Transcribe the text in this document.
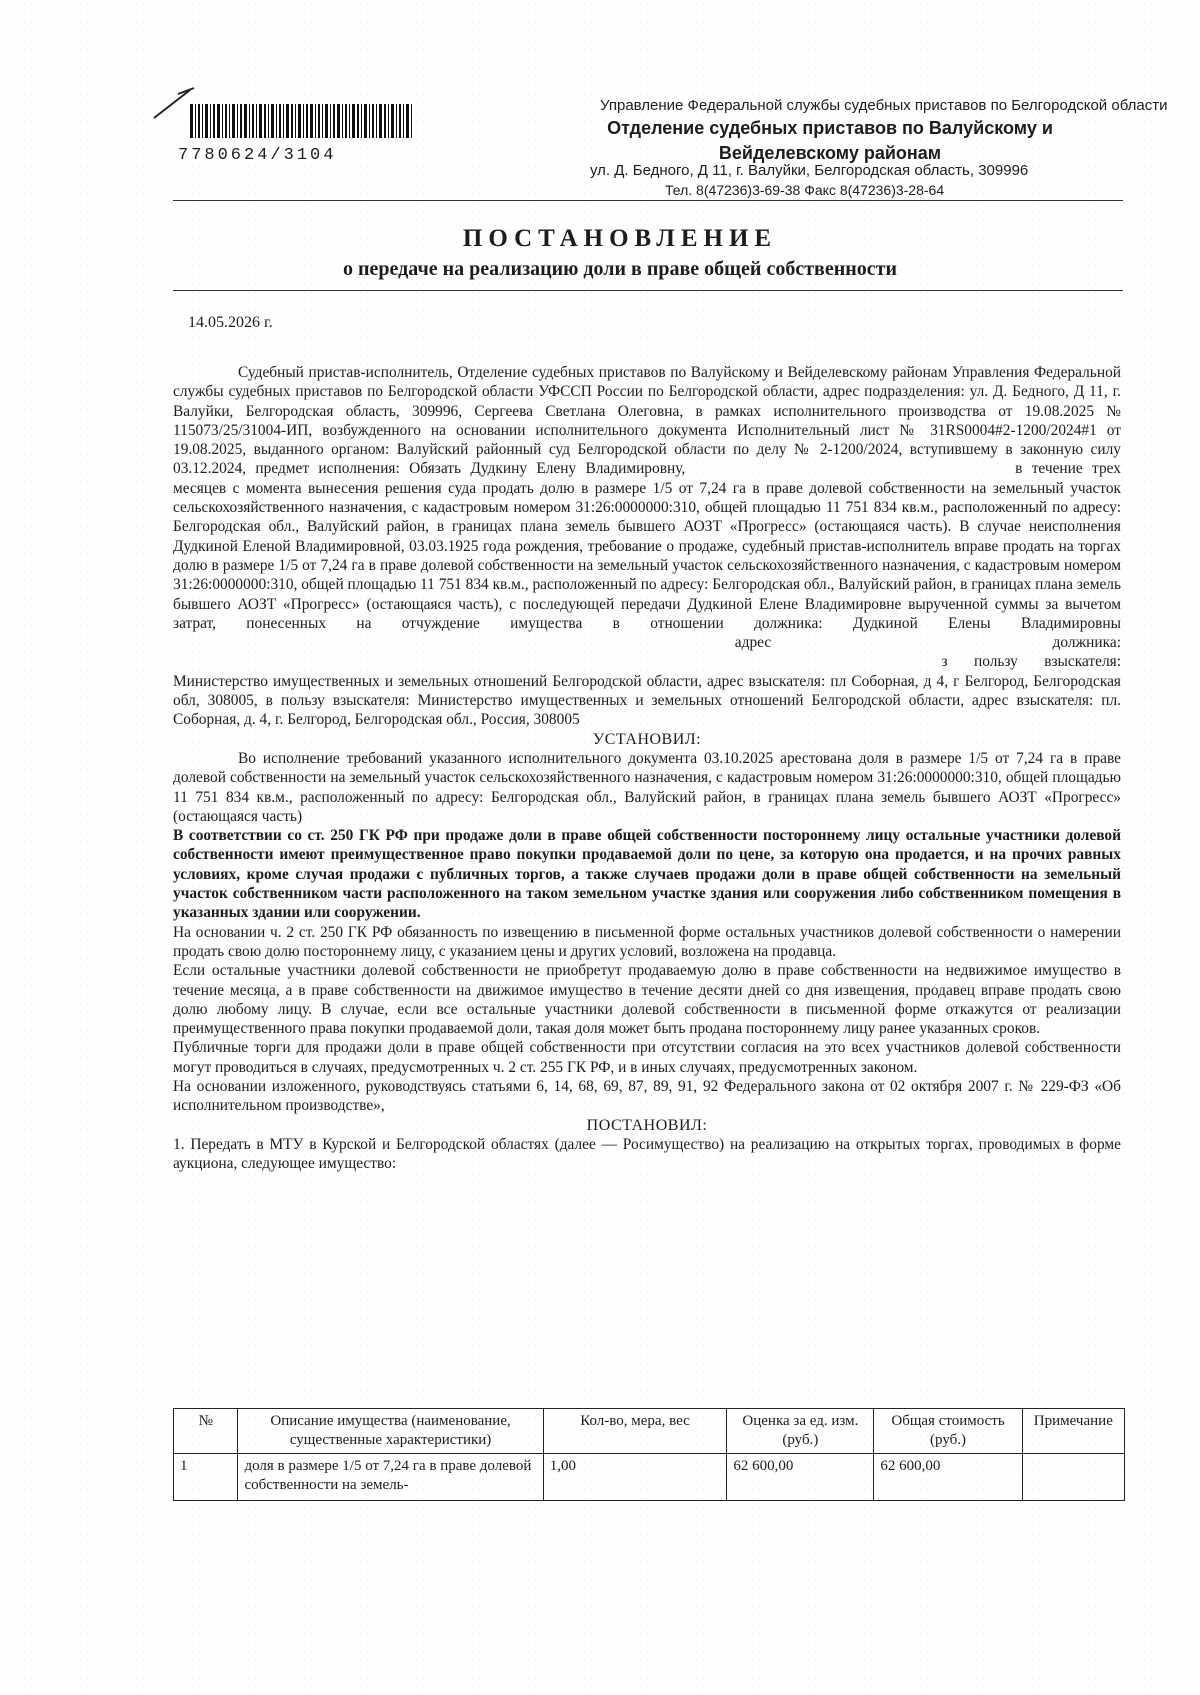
7780624/3104
Управление Федеральной службы судебных приставов по Белгородской области
Отделение судебных приставов по Валуйскому и Вейделевскому районам
ул. Д. Бедного, Д 11, г. Валуйки, Белгородская область, 309996
Тел. 8(47236)3-69-38 Факс 8(47236)3-28-64
ПОСТАНОВЛЕНИЕ
о передаче на реализацию доли в праве общей собственности
14.05.2026 г.

Судебный пристав-исполнитель, Отделение судебных приставов по Валуйскому и Вейделевскому районам Управления Федеральной службы судебных приставов по Белгородской области УФССП России по Белгородской области, адрес подразделения: ул. Д. Бедного, Д 11, г. Валуйки, Белгородская область, 309996, Сергеева Светлана Олеговна, в рамках исполнительного производства от 19.08.2025 № 115073/25/31004-ИП, возбужденного на основании исполнительного документа Исполнительный лист № 31RS0004#2-1200/2024#1 от 19.08.2025, выданного органом: Валуйский районный суд Белгородской области по делу № 2-1200/2024, вступившему в законную силу 03.12.2024, предмет исполнения: Обязать Дудкину Елену Владимировну,	в течение трех месяцев с момента вынесения решения суда продать долю в размере 1/5 от 7,24 га в праве долевой собственности на земельный участок сельскохозяйственного назначения, с кадастровым номером 31:26:0000000:310, общей площадью 11 751 834 кв.м., расположенный по адресу: Белгородская обл., Валуйский район, в границах плана земель бывшего АОЗТ «Прогресс» (остающаяся часть). В случае неисполнения Дудкиной Еленой Владимировной, 03.03.1925 года рождения, требование о продаже, судебный пристав-исполнитель вправе продать на торгах долю в размере 1/5 от 7,24 га в праве долевой собственности на земельный участок сельскохозяйственного назначения, с кадастровым номером 31:26:0000000:310, общей площадью 11 751 834 кв.м., расположенный по адресу: Белгородская обл., Валуйский район, в границах плана земель бывшего АОЗТ «Прогресс» (остающаяся часть), с последующей передачи Дудкиной Елене Владимировне вырученной суммы за вычетом затрат, понесенных на отчуждение имущества в отношении должника: Дудкиной Елены Владимировны  адрес должника:  з пользу взыскателя: Министерство имущественных и земельных отношений Белгородской области, адрес взыскателя: пл Соборная, д 4, г Белгород, Белгородская обл, 308005, в пользу взыскателя: Министерство имущественных и земельных отношений Белгородской области, адрес взыскателя: пл. Соборная, д. 4, г. Белгород, Белгородская обл., Россия, 308005

УСТАНОВИЛ:

Во исполнение требований указанного исполнительного документа 03.10.2025 арестована доля в размере 1/5 от 7,24 га в праве долевой собственности на земельный участок сельскохозяйственного назначения, с кадастровым номером 31:26:0000000:310, общей площадью 11 751 834 кв.м., расположенный по адресу: Белгородская обл., Валуйский район, в границах плана земель бывшего АОЗТ «Прогресс» (остающаяся часть)

В соответствии со ст. 250 ГК РФ при продаже доли в праве общей собственности постороннему лицу остальные участники долевой собственности имеют преимущественное право покупки продаваемой доли по цене, за которую она продается, и на прочих равных условиях, кроме случая продажи с публичных торгов, а также случаев продажи доли в праве общей собственности на земельный участок собственником части расположенного на таком земельном участке здания или сооружения либо собственником помещения в указанных здании или сооружении.

На основании ч. 2 ст. 250 ГК РФ обязанность по извещению в письменной форме остальных участников долевой собственности о намерении продать свою долю постороннему лицу, с указанием цены и других условий, возложена на продавца.

Если остальные участники долевой собственности не приобретут продаваемую долю в праве собственности на недвижимое имущество в течение месяца, а в праве собственности на движимое имущество в течение десяти дней со дня извещения, продавец вправе продать свою долю любому лицу. В случае, если все остальные участники долевой собственности в письменной форме откажутся от реализации преимущественного права покупки продаваемой доли, такая доля может быть продана постороннему лицу ранее указанных сроков.

Публичные торги для продажи доли в праве общей собственности при отсутствии согласия на это всех участников долевой собственности могут проводиться в случаях, предусмотренных ч. 2 ст. 255 ГК РФ, и в иных случаях, предусмотренных законом.

На основании изложенного, руководствуясь статьями 6, 14, 68, 69, 87, 89, 91, 92 Федерального закона от 02 октября 2007 г. № 229-ФЗ «Об исполнительном производстве»,

ПОСТАНОВИЛ:

1. Передать в МТУ в Курской и Белгородской областях (далее — Росимущество) на реализацию на открытых торгах, проводимых в форме аукциона, следующее имущество:

№	Описание имущества (наименование, существенные характеристики)	Кол-во, мера, вес	Оценка за ед. изм. (руб.)	Общая стоимость (руб.)	Примечание
1	доля в размере 1/5 от 7,24 га в праве долевой собственности на земель-	1,00	62 600,00	62 600,00	
